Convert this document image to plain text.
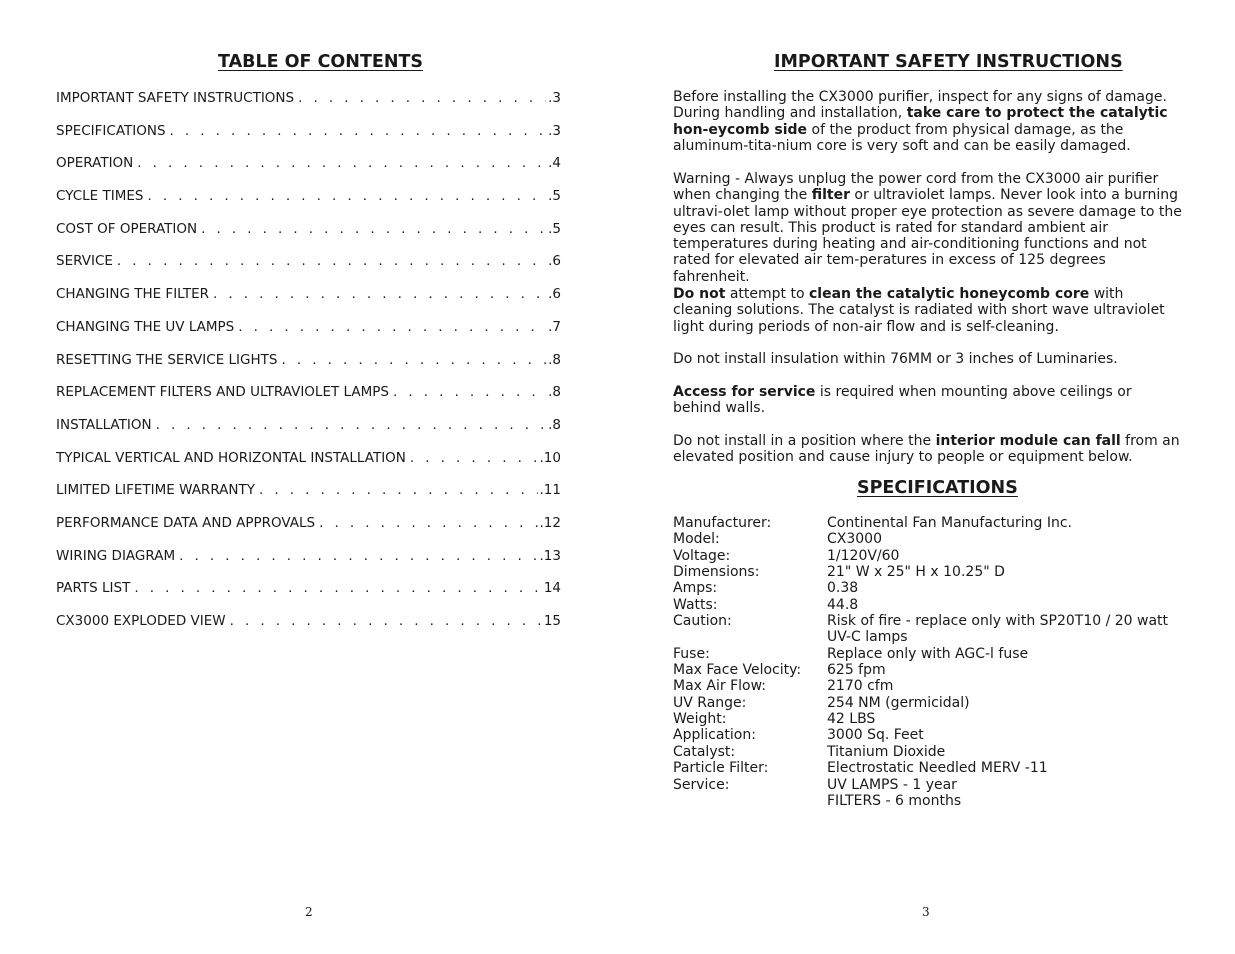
TABLE OF CONTENTS
IMPORTANT SAFETY INSTRUCTIONS . . .	.3
SPECIFICATIONS . . .	.3
OPERATION . . .	.4
CYCLE TIMES . . .	.5
COST OF OPERATION . . .	.5
SERVICE . . .	.6
CHANGING THE FILTER . . .	.6
CHANGING THE UV LAMPS . . .	.7
RESETTING THE SERVICE LIGHTS . . .	.8
REPLACEMENT FILTERS AND ULTRAVIOLET LAMPS . . .	.8
INSTALLATION . . .	.8
TYPICAL VERTICAL AND HORIZONTAL INSTALLATION . . .	.10
LIMITED LIFETIME WARRANTY . . .	.11
PERFORMANCE DATA AND APPROVALS . . .	.12
WIRING DIAGRAM . . .	.13
PARTS LIST . . .	14
CX3000 EXPLODED VIEW . . .	15
2
IMPORTANT SAFETY INSTRUCTIONS

Before installing the CX3000 purifier, inspect for any signs of damage. During handling and installation, take care to protect the catalytic hon-eycomb side of the product from physical damage, as the aluminum-tita-nium core is very soft and can be easily damaged.

Warning - Always unplug the power cord from the CX3000 air purifier when changing the filter or ultraviolet lamps. Never look into a burning ultravi-olet lamp without proper eye protection as severe damage to the eyes can result. This product is rated for standard ambient air temperatures during heating and air-conditioning functions and not rated for elevated air tem-peratures in excess of 125 degrees fahrenheit.

Do not attempt to clean the catalytic honeycomb core with cleaning solutions. The catalyst is radiated with short wave ultraviolet light during periods of non-air flow and is self-cleaning.

Do not install insulation within 76MM or 3 inches of Luminaries.

Access for service is required when mounting above ceilings or behind walls.

Do not install in a position where the interior module can fall from an elevated position and cause injury to people or equipment below.

SPECIFICATIONS
Manufacturer:	Continental Fan Manufacturing Inc.
Model:	CX3000
Voltage:	1/120V/60
Dimensions:	21" W x 25" H x 10.25" D
Amps:	0.38
Watts:	44.8
Caution:	Risk of fire - replace only with SP20T10 / 20 watt UV-C lamps
Fuse:	Replace only with AGC-l fuse
Max Face Velocity:	625 fpm
Max Air Flow:	2170 cfm
UV Range:	254 NM (germicidal)
Weight:	42 LBS
Application:	3000 Sq. Feet
Catalyst:	Titanium Dioxide
Particle Filter:	Electrostatic Needled MERV -11
Service:	UV LAMPS - 1 year
FILTERS - 6 months
3
